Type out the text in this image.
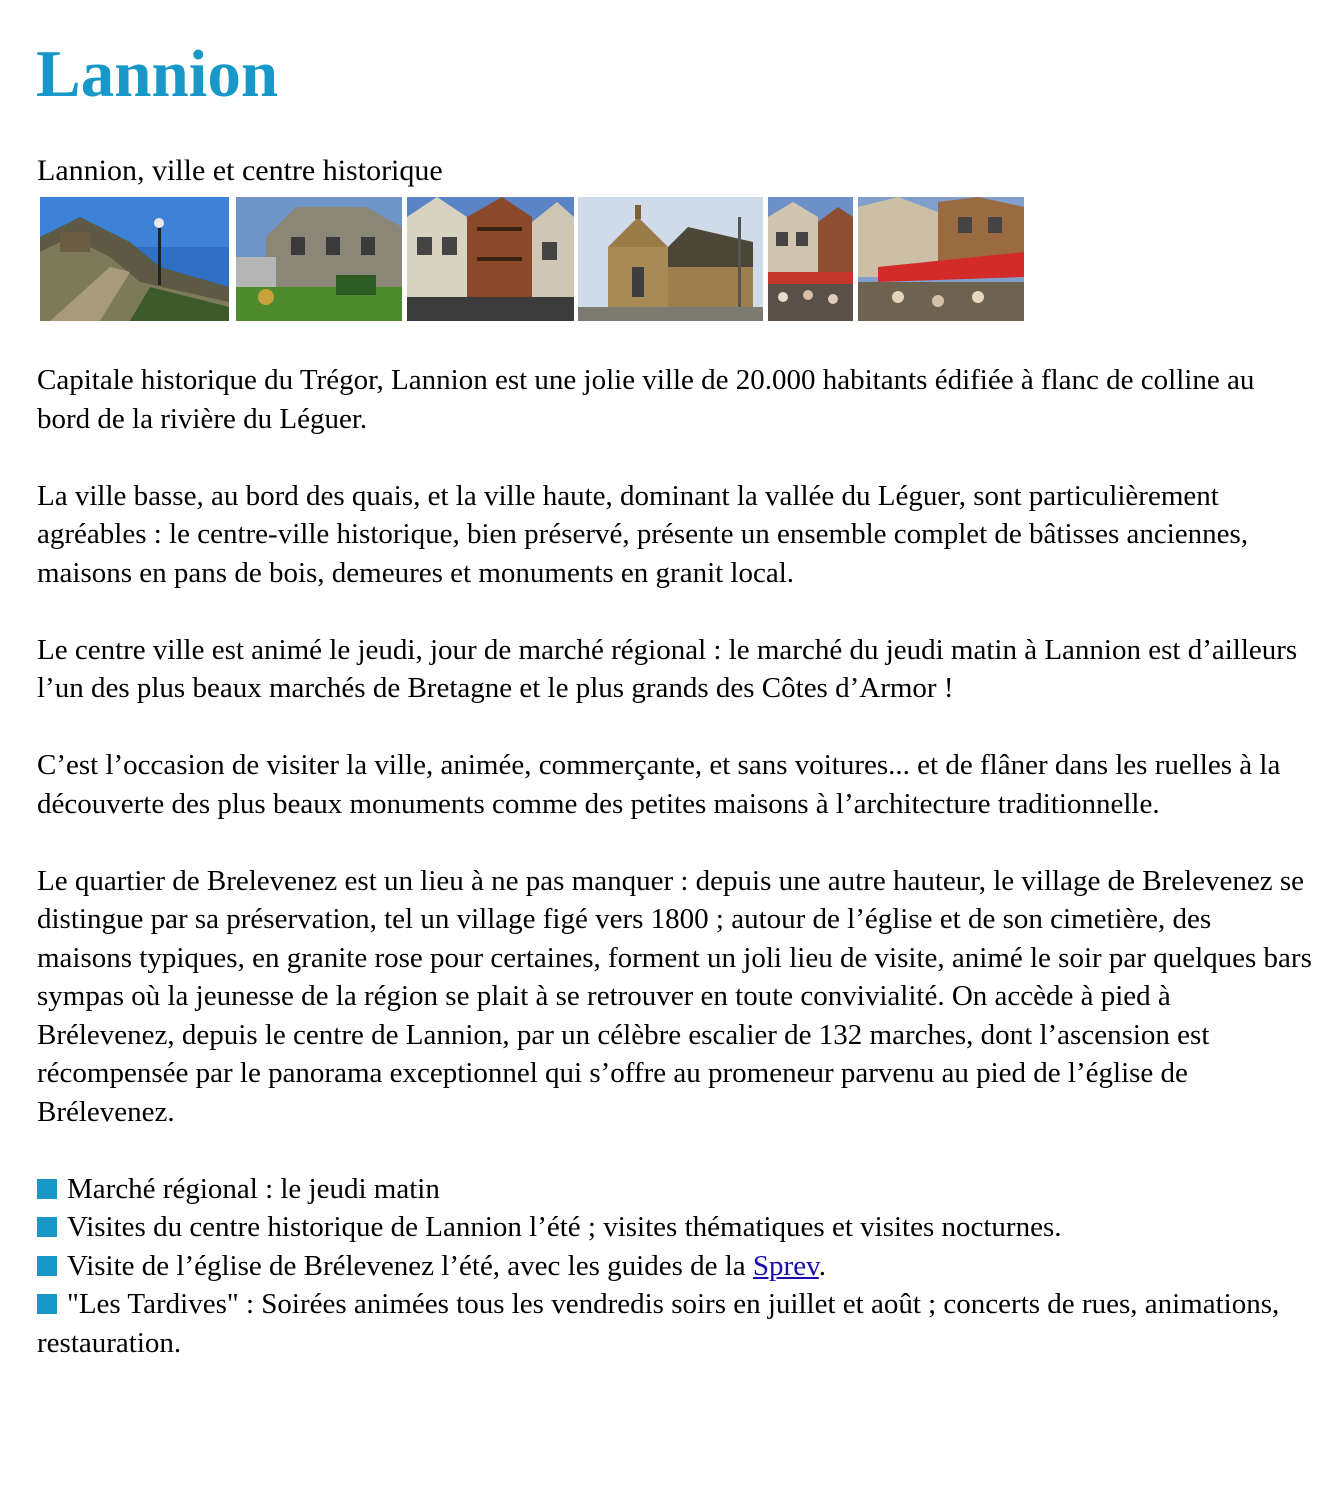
Lannion
Lannion, ville et centre historique

Capitale historique du Trégor, Lannion est une jolie ville de 20.000 habitants édifiée à flanc de colline au bord de la rivière du Léguer.

La ville basse, au bord des quais, et la ville haute, dominant la vallée du Léguer, sont particulièrement agréables : le centre-ville historique, bien préservé, présente un ensemble complet de bâtisses anciennes, maisons en pans de bois, demeures et monuments en granit local.

Le centre ville est animé le jeudi, jour de marché régional : le marché du jeudi matin à Lannion est d’ailleurs l’un des plus beaux marchés de Bretagne et le plus grands des Côtes d’Armor !

C’est l’occasion de visiter la ville, animée, commerçante, et sans voitures... et de flâner dans les ruelles à la découverte des plus beaux monuments comme des petites maisons à l’architecture traditionnelle.

Le quartier de Brelevenez est un lieu à ne pas manquer : depuis une autre hauteur, le village de Brelevenez se distingue par sa préservation, tel un village figé vers 1800 ; autour de l’église et de son cimetière, des maisons typiques, en granite rose pour certaines, forment un joli lieu de visite, animé le soir par quelques bars sympas où la jeunesse de la région se plait à se retrouver en toute convivialité. On accède à pied à Brélevenez, depuis le centre de Lannion, par un célèbre escalier de 132 marches, dont l’ascension est récompensée par le panorama exceptionnel qui s’offre au promeneur parvenu au pied de l’église de Brélevenez.

Marché régional : le jeudi matin
Visites du centre historique de Lannion l’été ; visites thématiques et visites nocturnes.
Visite de l’église de Brélevenez l’été, avec les guides de la Sprev.
"Les Tardives" : Soirées animées tous les vendredis soirs en juillet et août ; concerts de rues, animations, restauration.
